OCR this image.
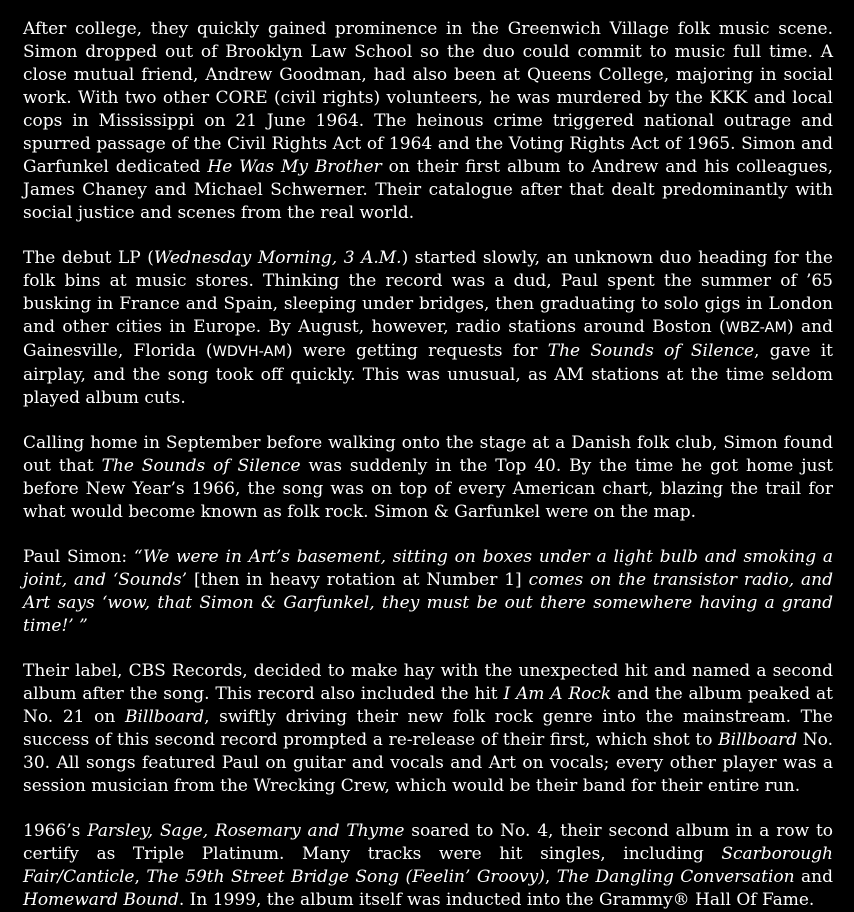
After college, they quickly gained prominence in the Greenwich Village folk music scene. Simon dropped out of Brooklyn Law School so the duo could commit to music full time. A close mutual friend, Andrew Goodman, had also been at Queens College, majoring in social work. With two other CORE (civil rights) volunteers, he was murdered by the KKK and local cops in Mississippi on 21 June 1964. The heinous crime triggered national outrage and spurred passage of the Civil Rights Act of 1964 and the Voting Rights Act of 1965. Simon and Garfunkel dedicated He Was My Brother on their first album to Andrew and his colleagues, James Chaney and Michael Schwerner. Their catalogue after that dealt predominantly with social justice and scenes from the real world.

The debut LP (Wednesday Morning, 3 A.M.) started slowly, an unknown duo heading for the folk bins at music stores. Thinking the record was a dud, Paul spent the summer of ’65 busking in France and Spain, sleeping under bridges, then graduating to solo gigs in London and other cities in Europe. By August, however, radio stations around Boston (WBZ-AM) and Gainesville, Florida (WDVH-AM) were getting requests for The Sounds of Silence, gave it airplay, and the song took off quickly. This was unusual, as AM stations at the time seldom played album cuts.

Calling home in September before walking onto the stage at a Danish folk club, Simon found out that The Sounds of Silence was suddenly in the Top 40. By the time he got home just before New Year’s 1966, the song was on top of every American chart, blazing the trail for what would become known as folk rock. Simon & Garfunkel were on the map.

Paul Simon: “We were in Art’s basement, sitting on boxes under a light bulb and smoking a joint, and ‘Sounds’ [then in heavy rotation at Number 1] comes on the transistor radio, and Art says ‘wow, that Simon & Garfunkel, they must be out there somewhere having a grand time!’ ”

Their label, CBS Records, decided to make hay with the unexpected hit and named a second album after the song. This record also included the hit I Am A Rock and the album peaked at No. 21 on Billboard, swiftly driving their new folk rock genre into the mainstream. The success of this second record prompted a re-release of their first, which shot to Billboard No. 30. All songs featured Paul on guitar and vocals and Art on vocals; every other player was a session musician from the Wrecking Crew, which would be their band for their entire run.

1966’s Parsley, Sage, Rosemary and Thyme soared to No. 4, their second album in a row to certify as Triple Platinum. Many tracks were hit singles, including Scarborough Fair/Canticle, The 59th Street Bridge Song (Feelin’ Groovy), The Dangling Conversation and Homeward Bound. In 1999, the album itself was inducted into the Grammy® Hall Of Fame.
